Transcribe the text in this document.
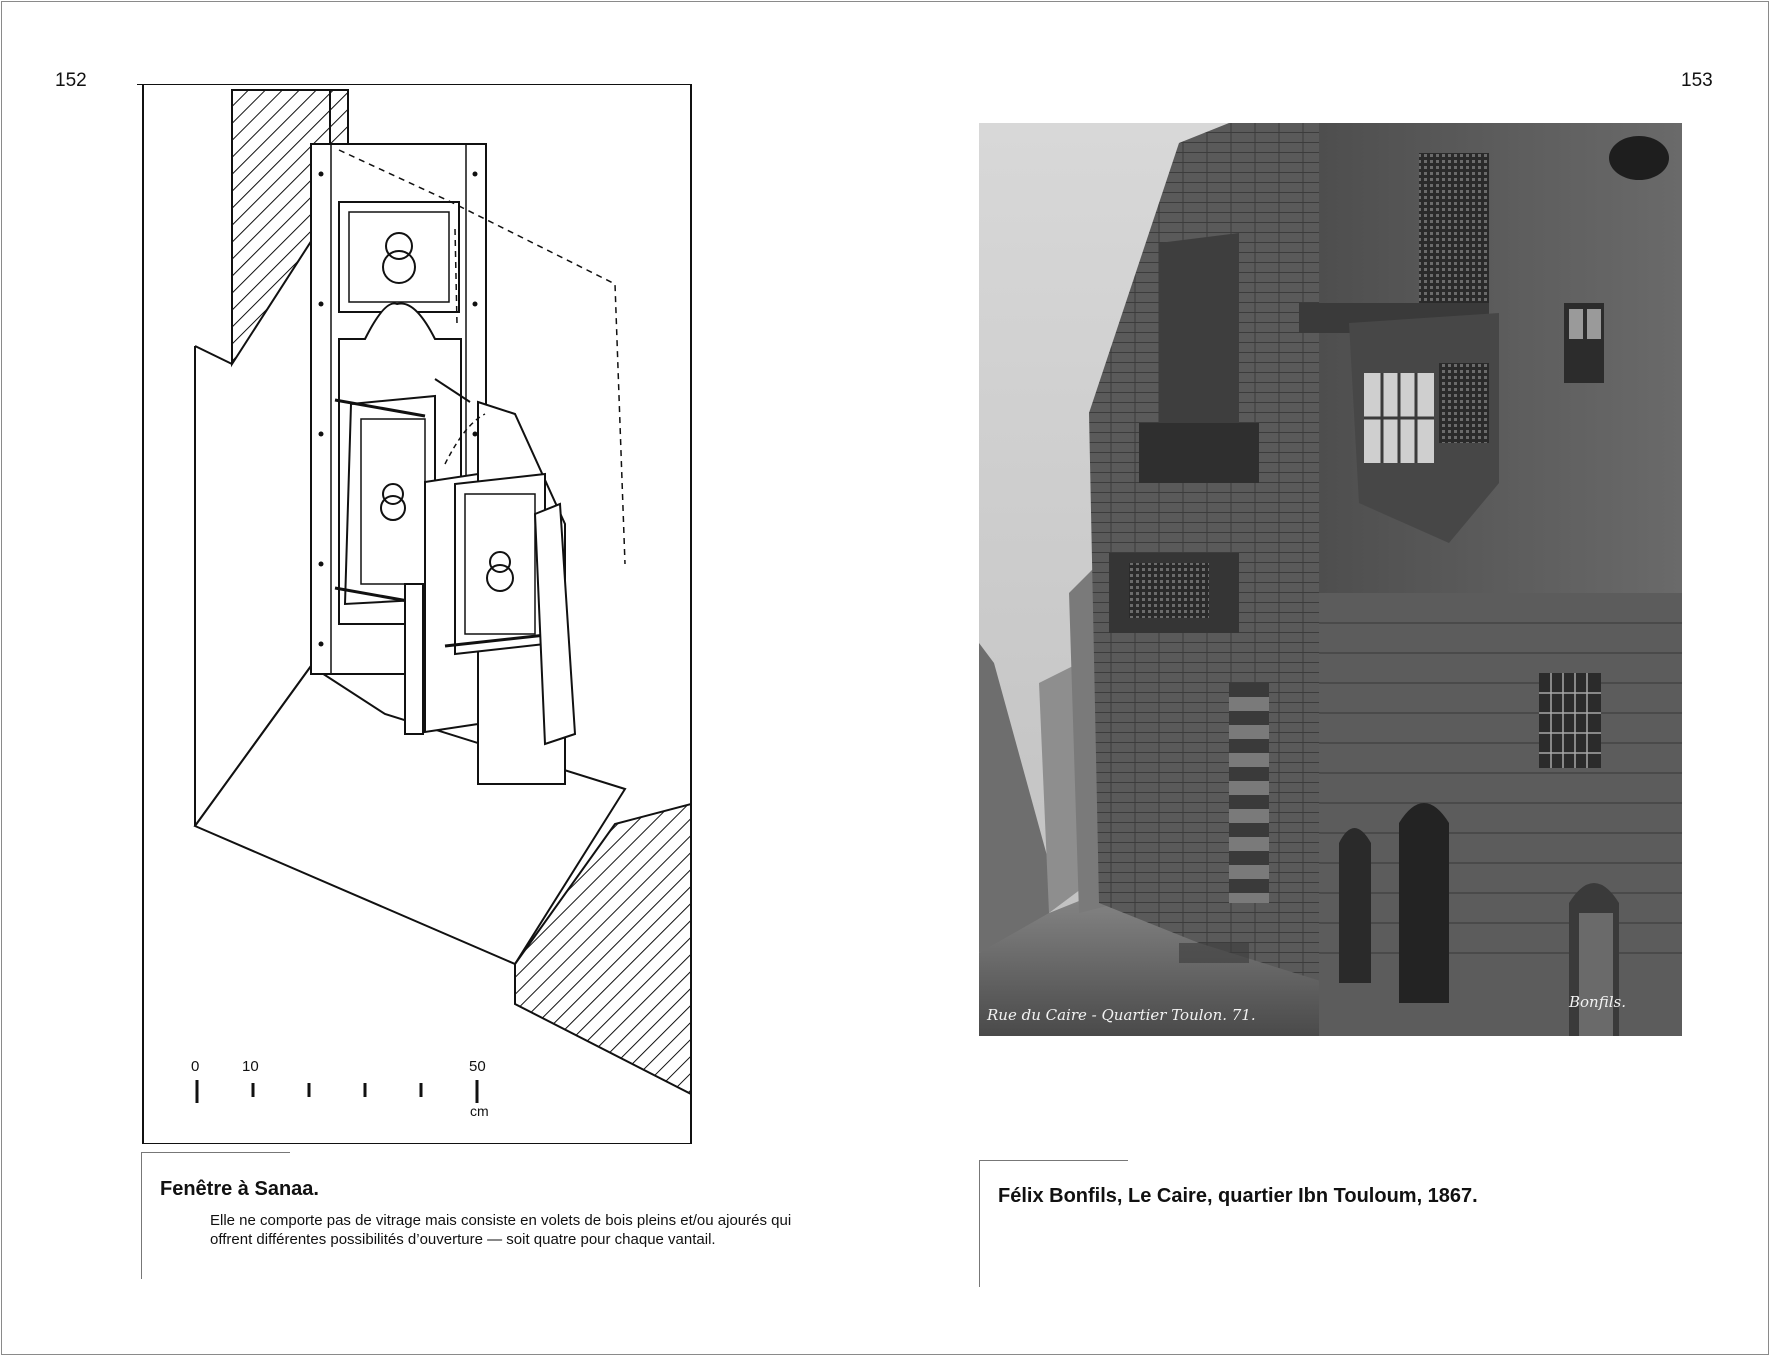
152
0	10	50
cm
Fenêtre à Sanaa.
Elle ne comporte pas de vitrage mais consiste en volets de bois pleins et/ou ajourés qui offrent différentes possibilités d’ouverture — soit quatre pour chaque vantail.
153
Rue du Caire - Quartier Toulon. 71.
Bonfils.
Félix Bonfils, Le Caire, quartier Ibn Touloum, 1867.
